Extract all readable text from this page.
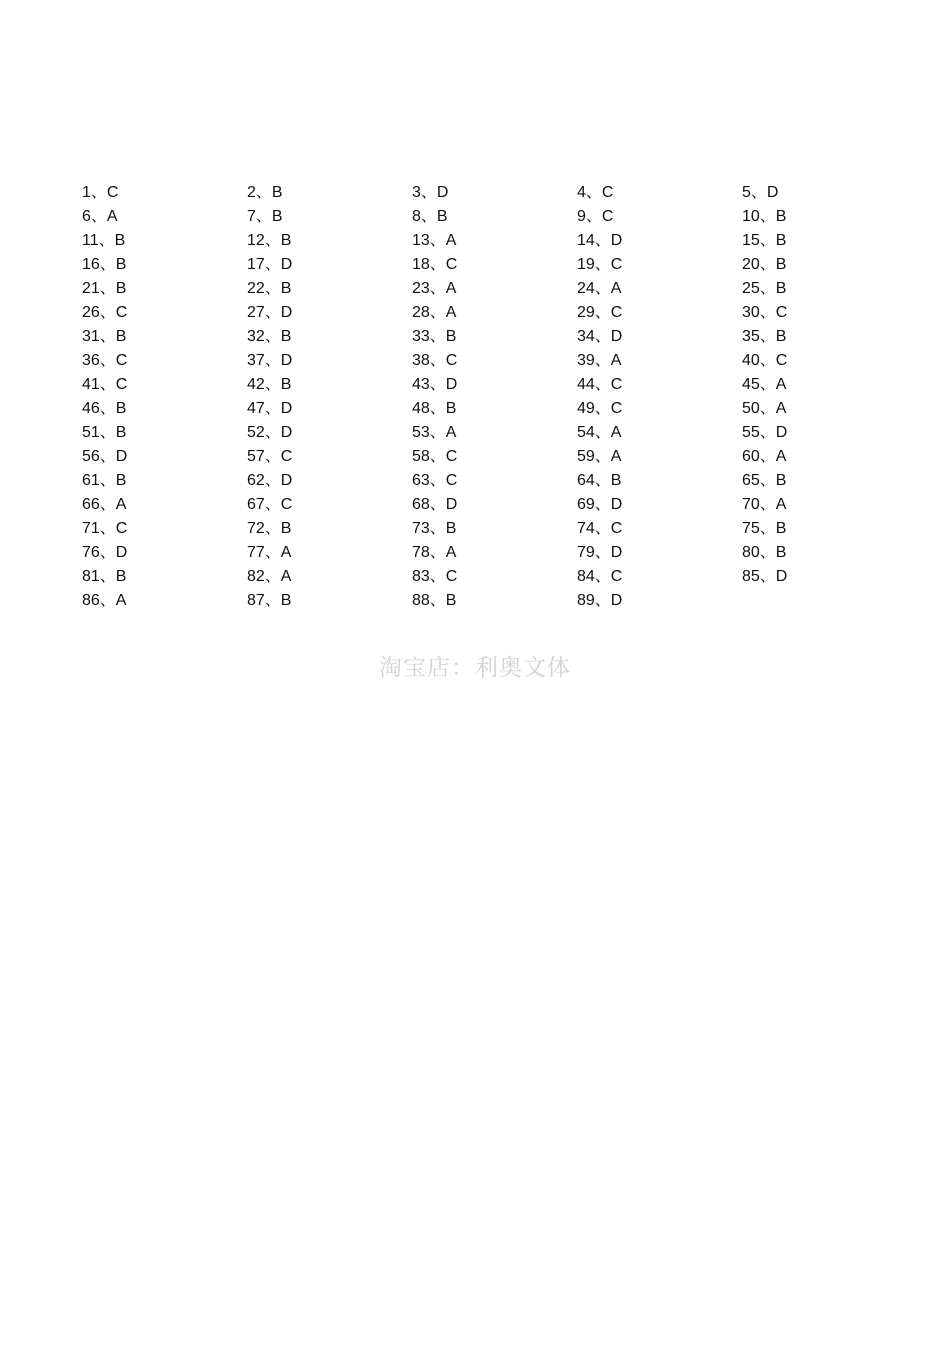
1、C	2、B	3、D	4、C	5、D
6、A	7、B	8、B	9、C	10、B
11、B	12、B	13、A	14、D	15、B
16、B	17、D	18、C	19、C	20、B
21、B	22、B	23、A	24、A	25、B
26、C	27、D	28、A	29、C	30、C
31、B	32、B	33、B	34、D	35、B
36、C	37、D	38、C	39、A	40、C
41、C	42、B	43、D	44、C	45、A
46、B	47、D	48、B	49、C	50、A
51、B	52、D	53、A	54、A	55、D
56、D	57、C	58、C	59、A	60、A
61、B	62、D	63、C	64、B	65、B
66、A	67、C	68、D	69、D	70、A
71、C	72、B	73、B	74、C	75、B
76、D	77、A	78、A	79、D	80、B
81、B	82、A	83、C	84、C	85、D
86、A	87、B	88、B	89、D
淘宝店：利奥文体
